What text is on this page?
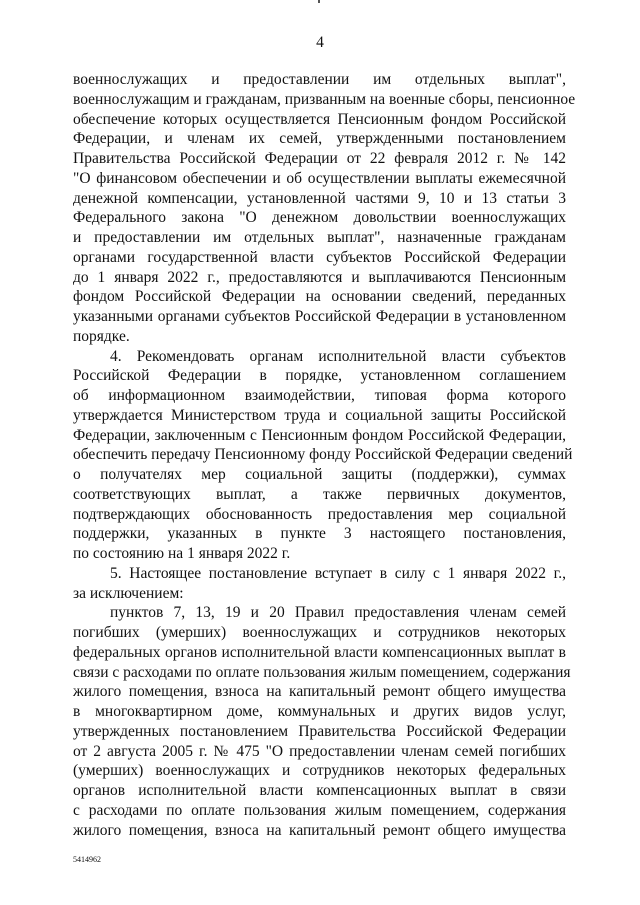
4
военнослужащих и предоставлении им отдельных выплат",
военнослужащим и гражданам, призванным на военные сборы, пенсионное
обеспечение которых осуществляется Пенсионным фондом Российской
Федерации, и членам их семей, утвержденными постановлением
Правительства Российской Федерации от 22 февраля 2012 г. № 142
"О финансовом обеспечении и об осуществлении выплаты ежемесячной
денежной компенсации, установленной частями 9, 10 и 13 статьи 3
Федерального закона "О денежном довольствии военнослужащих
и предоставлении им отдельных выплат", назначенные гражданам
органами государственной власти субъектов Российской Федерации
до 1 января 2022 г., предоставляются и выплачиваются Пенсионным
фондом Российской Федерации на основании сведений, переданных
указанными органами субъектов Российской Федерации в установленном
порядке.
4. Рекомендовать органам исполнительной власти субъектов
Российской Федерации в порядке, установленном соглашением
об информационном взаимодействии, типовая форма которого
утверждается Министерством труда и социальной защиты Российской
Федерации, заключенным с Пенсионным фондом Российской Федерации,
обеспечить передачу Пенсионному фонду Российской Федерации сведений
о получателях мер социальной защиты (поддержки), суммах
соответствующих выплат, а также первичных документов,
подтверждающих обоснованность предоставления мер социальной
поддержки, указанных в пункте 3 настоящего постановления,
по состоянию на 1 января 2022 г.
5. Настоящее постановление вступает в силу с 1 января 2022 г.,
за исключением:
пунктов 7, 13, 19 и 20 Правил предоставления членам семей
погибших (умерших) военнослужащих и сотрудников некоторых
федеральных органов исполнительной власти компенсационных выплат в
связи с расходами по оплате пользования жилым помещением, содержания
жилого помещения, взноса на капитальный ремонт общего имущества
в многоквартирном доме, коммунальных и других видов услуг,
утвержденных постановлением Правительства Российской Федерации
от 2 августа 2005 г. № 475 "О предоставлении членам семей погибших
(умерших) военнослужащих и сотрудников некоторых федеральных
органов исполнительной власти компенсационных выплат в связи
с расходами по оплате пользования жилым помещением, содержания
жилого помещения, взноса на капитальный ремонт общего имущества
5414962
